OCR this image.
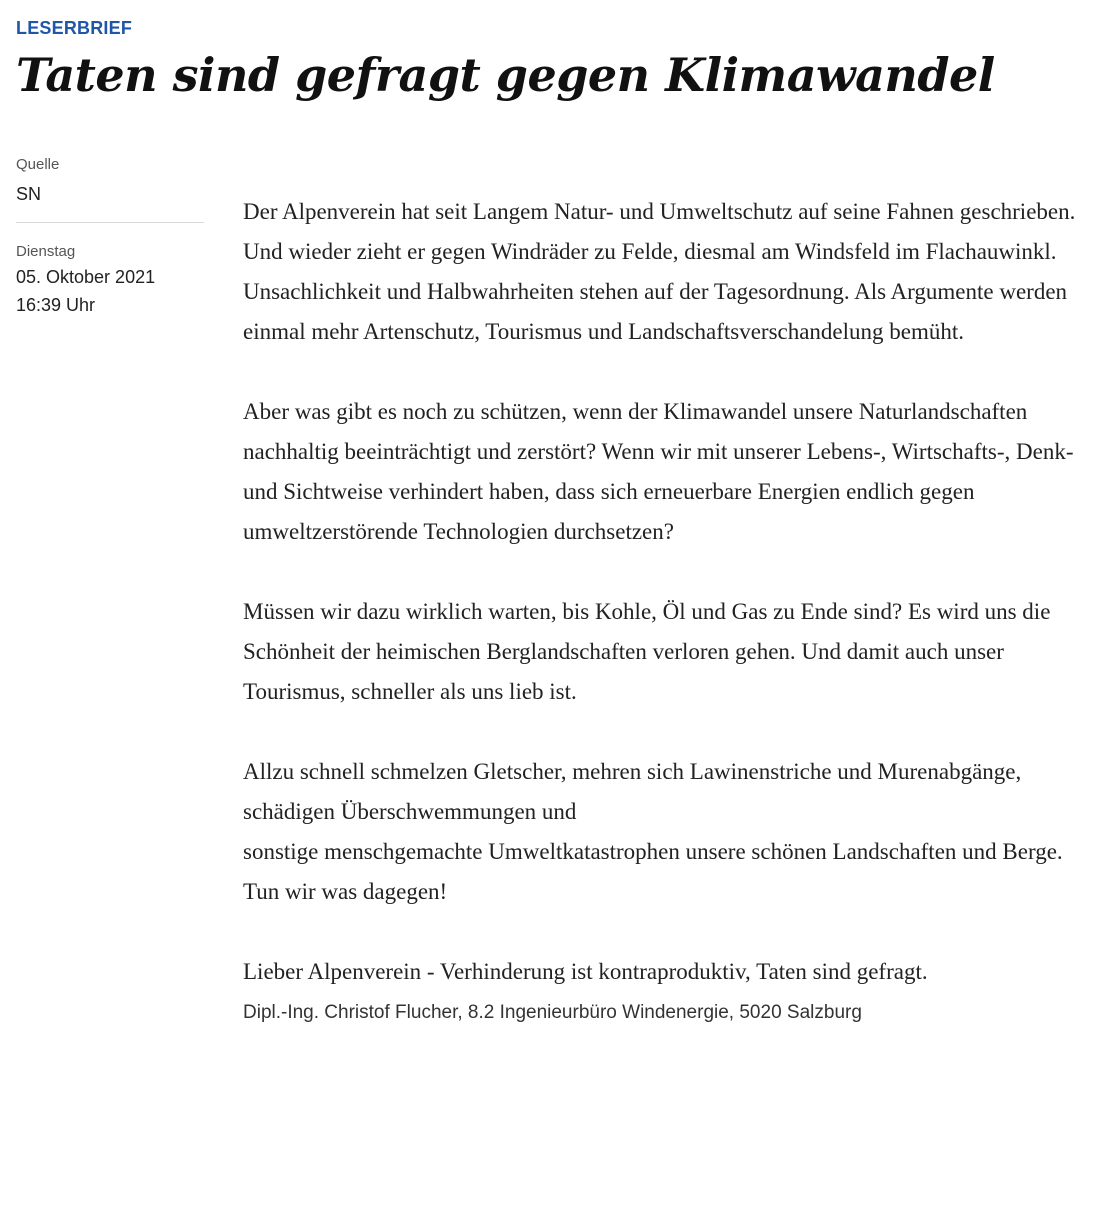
LESERBRIEF
Taten sind gefragt gegen Klimawandel
Quelle
SN
Dienstag
05. Oktober 2021
16:39 Uhr

Der Alpenverein hat seit Langem Natur- und Umweltschutz auf seine Fahnen geschrieben.
Und wieder zieht er gegen Windräder zu Felde, diesmal am Windsfeld im Flachauwinkl. Unsachlichkeit und Halbwahrheiten stehen auf der Tagesordnung. Als Argumente werden einmal mehr Artenschutz, Tourismus und Landschaftsverschandelung bemüht.

Aber was gibt es noch zu schützen, wenn der Klimawandel unsere Naturlandschaften nachhaltig beeinträchtigt und zerstört? Wenn wir mit unserer Lebens-, Wirtschafts-, Denk- und Sichtweise verhindert haben, dass sich erneuerbare Energien endlich gegen umweltzerstörende Technologien durchsetzen?

Müssen wir dazu wirklich warten, bis Kohle, Öl und Gas zu Ende sind? Es wird uns die Schönheit der heimischen Berglandschaften verloren gehen. Und damit auch unser Tourismus, schneller als uns lieb ist.

Allzu schnell schmelzen Gletscher, mehren sich Lawinenstriche und Murenabgänge, schädigen Überschwemmungen und
sonstige menschgemachte Umweltkatastrophen unsere schönen Landschaften und Berge.
Tun wir was dagegen!

Lieber Alpenverein - Verhinderung ist kontraproduktiv, Taten sind gefragt.

Dipl.-Ing. Christof Flucher, 8.2 Ingenieurbüro Windenergie, 5020 Salzburg
